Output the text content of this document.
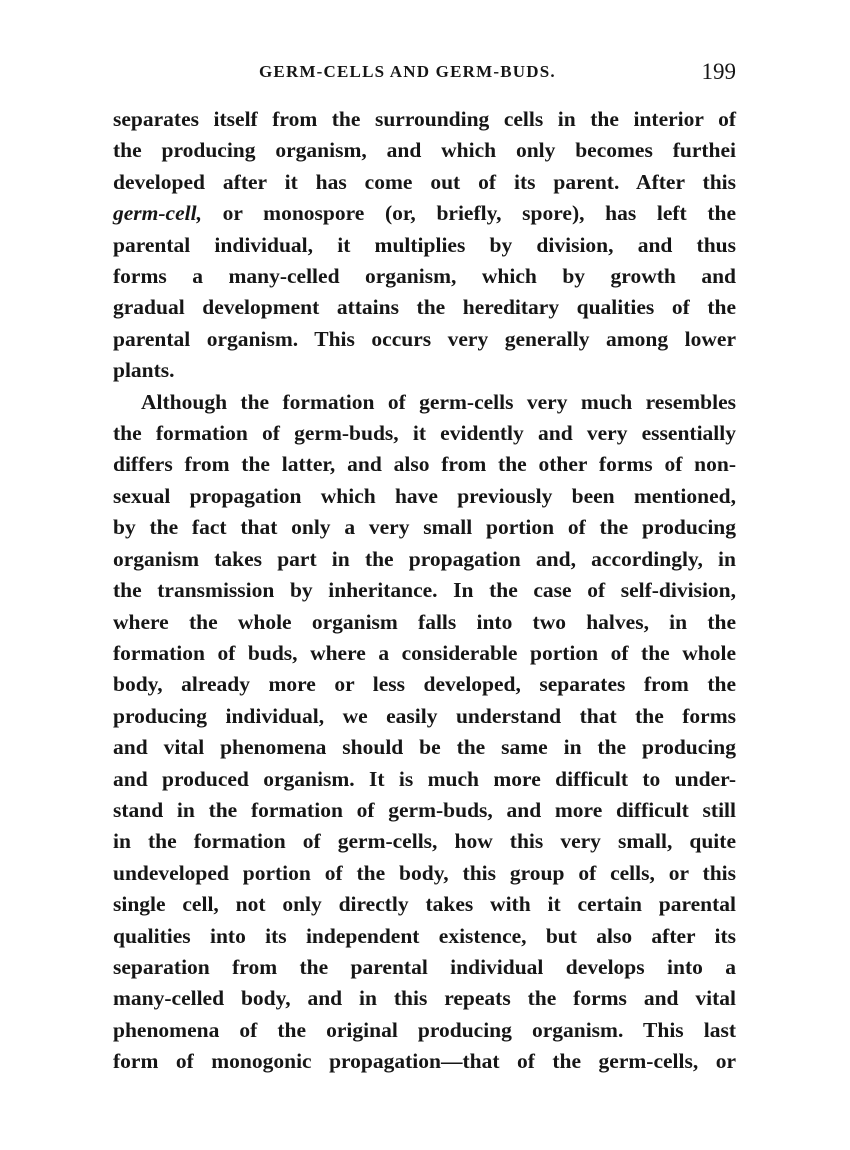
GERM-CELLS AND GERM-BUDS.	199

separates itself from the surrounding cells in the interior of
the producing organism, and which only becomes furthei
developed after it has come out of its parent. After this
germ-cell, or monospore (or, briefly, spore), has left the
parental individual, it multiplies by division, and thus
forms a many-celled organism, which by growth and
gradual development attains the hereditary qualities of the
parental organism. This occurs very generally among lower
plants.

Although the formation of germ-cells very much resembles
the formation of germ-buds, it evidently and very essentially
differs from the latter, and also from the other forms of non-
sexual propagation which have previously been mentioned,
by the fact that only a very small portion of the producing
organism takes part in the propagation and, accordingly, in
the transmission by inheritance. In the case of self-division,
where the whole organism falls into two halves, in the
formation of buds, where a considerable portion of the whole
body, already more or less developed, separates from the
producing individual, we easily understand that the forms
and vital phenomena should be the same in the producing
and produced organism. It is much more difficult to under-
stand in the formation of germ-buds, and more difficult still
in the formation of germ-cells, how this very small, quite
undeveloped portion of the body, this group of cells, or this
single cell, not only directly takes with it certain parental
qualities into its independent existence, but also after its
separation from the parental individual develops into a
many-celled body, and in this repeats the forms and vital
phenomena of the original producing organism. This last
form of monogonic propagation—that of the germ-cells, or
